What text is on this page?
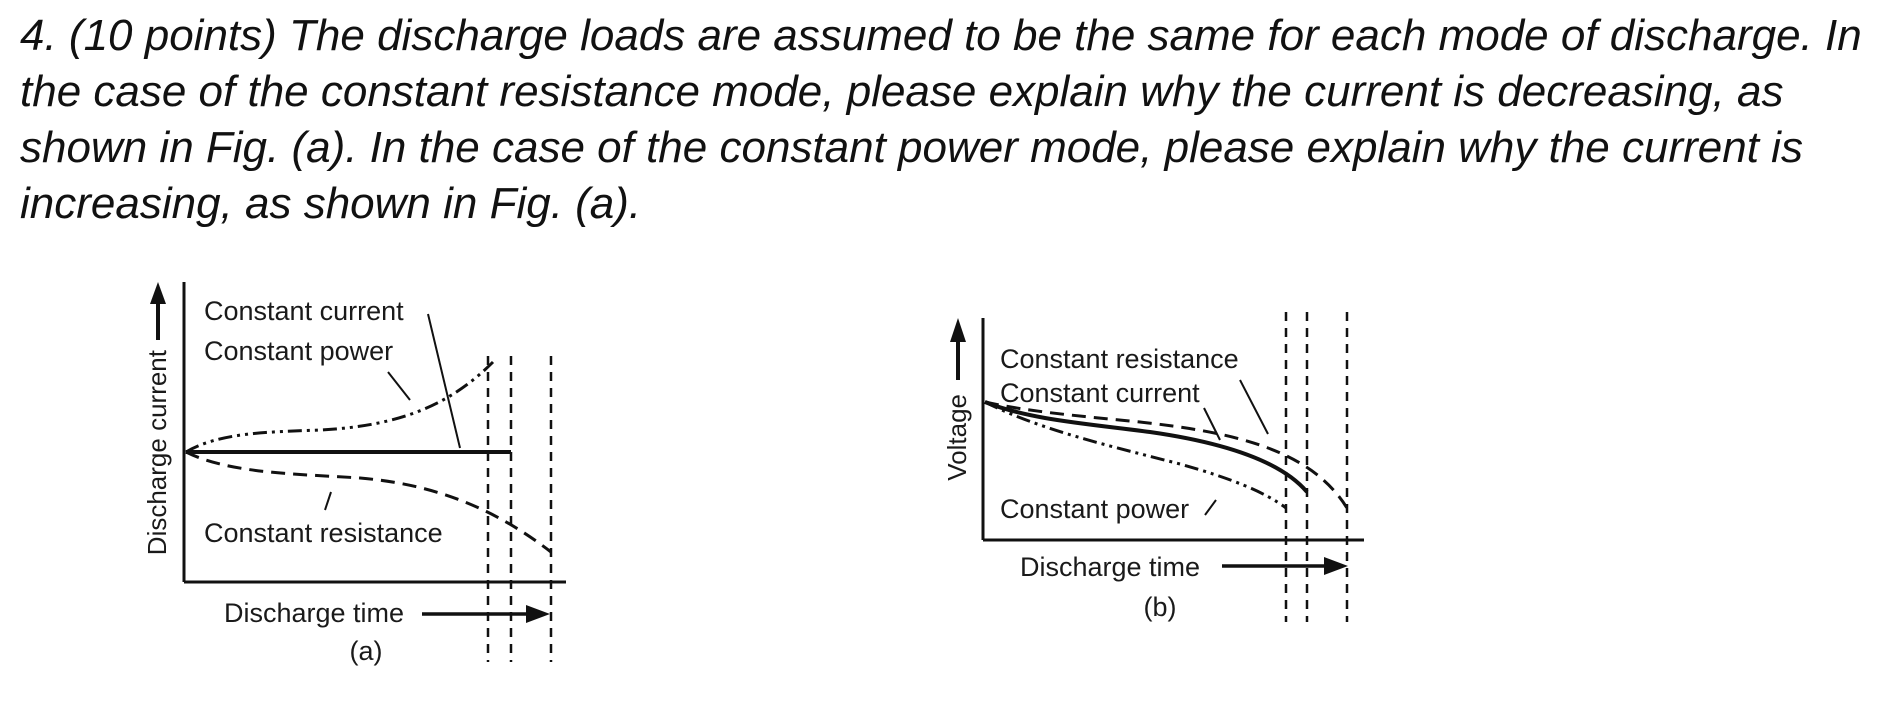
4. (10 points) The discharge loads are assumed to be the same for each mode of discharge. In the case of the constant resistance mode, please explain why the current is decreasing, as shown in Fig. (a). In the case of the constant power mode, please explain why the current is increasing, as shown in Fig. (a).
Discharge current
Constant current
Constant power
Constant resistance
Discharge time
(a)
Voltage
Constant resistance
Constant current
Constant power
Discharge time
(b)
